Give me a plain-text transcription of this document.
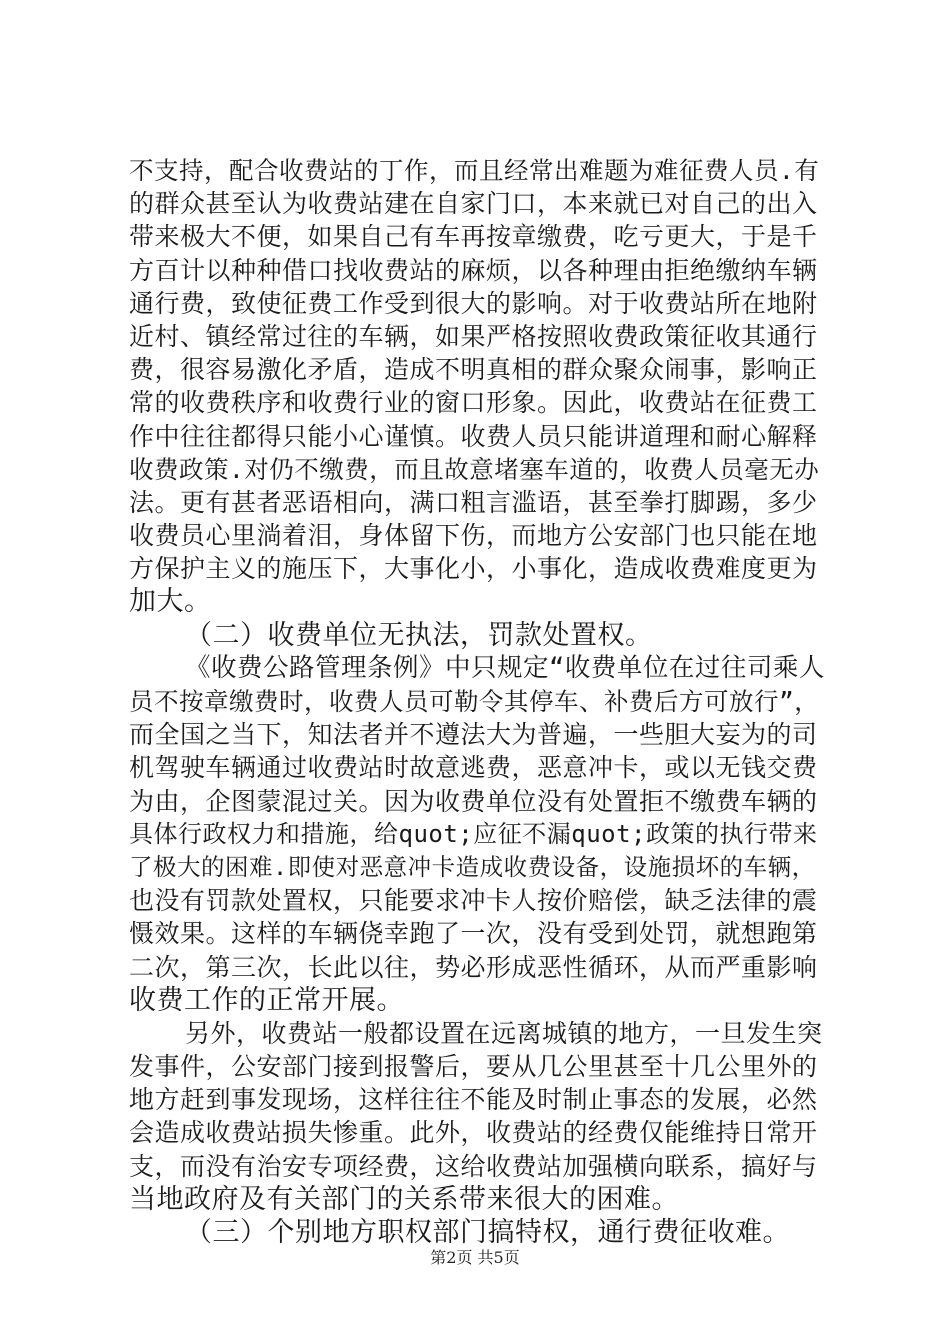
不支持，配合收费站的丁作，而且经常出难题为难征费人员.有
的群众甚至认为收费站建在自家门口，本来就已对自己的出入
带来极大不便，如果自己有车再按章缴费，吃亏更大，于是千
方百计以种种借口找收费站的麻烦，以各种理由拒绝缴纳车辆
通行费，致使征费工作受到很大的影响。对于收费站所在地附
近村、镇经常过往的车辆，如果严格按照收费政策征收其通行
费，很容易激化矛盾，造成不明真相的群众聚众闹事，影响正
常的收费秩序和收费行业的窗口形象。因此，收费站在征费工
作中往往都得只能小心谨慎。收费人员只能讲道理和耐心解释
收费政策.对仍不缴费，而且故意堵塞车道的，收费人员毫无办
法。更有甚者恶语相向，满口粗言滥语，甚至拳打脚踢，多少
收费员心里淌着泪，身体留下伤，而地方公安部门也只能在地
方保护主义的施压下，大事化小，小事化，造成收费难度更为
加大。
（二）收费单位无执法，罚款处置权。
《收费公路管理条例》中只规定“收费单位在过往司乘人
员不按章缴费时，收费人员可勒令其停车、补费后方可放行”，
而全国之当下，知法者并不遵法大为普遍，一些胆大妄为的司
机驾驶车辆通过收费站时故意逃费，恶意冲卡，或以无钱交费
为由，企图蒙混过关。因为收费单位没有处置拒不缴费车辆的
具体行政权力和措施，给quot;应征不漏quot;政策的执行带来
了极大的困难.即使对恶意冲卡造成收费设备，设施损坏的车辆，
也没有罚款处置权，只能要求冲卡人按价赔偿，缺乏法律的震
慑效果。这样的车辆侥幸跑了一次，没有受到处罚，就想跑第
二次，第三次，长此以往，势必形成恶性循环，从而严重影响
收费工作的正常开展。
另外，收费站一般都设置在远离城镇的地方，一旦发生突
发事件，公安部门接到报警后，要从几公里甚至十几公里外的
地方赶到事发现场，这样往往不能及时制止事态的发展，必然
会造成收费站损失惨重。此外，收费站的经费仅能维持日常开
支，而没有治安专项经费，这给收费站加强横向联系，搞好与
当地政府及有关部门的关系带来很大的困难。
（三）个别地方职权部门搞特权，通行费征收难。
第2页 共5页
